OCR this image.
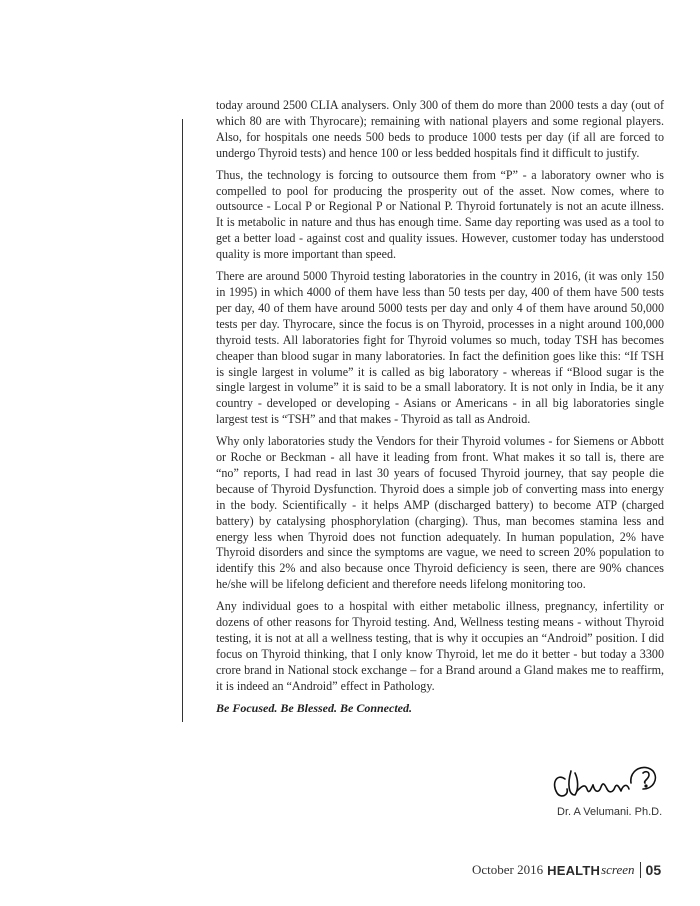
today around 2500 CLIA analysers. Only 300 of them do more than 2000 tests a day (out of which 80 are with Thyrocare); remaining with national players and some regional players. Also, for hospitals one needs 500 beds to produce 1000 tests per day (if all are forced to undergo Thyroid tests) and hence 100 or less bedded hospitals find it difficult to justify.

Thus, the technology is forcing to outsource them from “P” - a laboratory owner who is compelled to pool for producing the prosperity out of the asset. Now comes, where to outsource - Local P or Regional P or National P. Thyroid fortunately is not an acute illness. It is metabolic in nature and thus has enough time. Same day reporting was used as a tool to get a better load - against cost and quality issues. However, customer today has understood quality is more important than speed.

There are around 5000 Thyroid testing laboratories in the country in 2016, (it was only 150 in 1995) in which 4000 of them have less than 50 tests per day, 400 of them have 500 tests per day, 40 of them have around 5000 tests per day and only 4 of them have around 50,000 tests per day. Thyrocare, since the focus is on Thyroid, processes in a night around 100,000 thyroid tests. All laboratories fight for Thyroid volumes so much, today TSH has becomes cheaper than blood sugar in many laboratories. In fact the definition goes like this: “If TSH is single largest in volume” it is called as big laboratory - whereas if “Blood sugar is the single largest in volume” it is said to be a small laboratory. It is not only in India, be it any country - developed or developing - Asians or Americans - in all big laboratories single largest test is “TSH” and that makes - Thyroid as tall as Android.

Why only laboratories study the Vendors for their Thyroid volumes - for Siemens or Abbott or Roche or Beckman - all have it leading from front. What makes it so tall is, there are “no” reports, I had read in last 30 years of focused Thyroid journey, that say people die because of Thyroid Dysfunction. Thyroid does a simple job of converting mass into energy in the body. Scientifically - it helps AMP (discharged battery) to become ATP (charged battery) by catalysing phosphorylation (charging). Thus, man becomes stamina less and energy less when Thyroid does not function adequately. In human population, 2% have Thyroid disorders and since the symptoms are vague, we need to screen 20% population to identify this 2% and also because once Thyroid deficiency is seen, there are 90% chances he/she will be lifelong deficient and therefore needs lifelong monitoring too.

Any individual goes to a hospital with either metabolic illness, pregnancy, infertility or dozens of other reasons for Thyroid testing. And, Wellness testing means - without Thyroid testing, it is not at all a wellness testing, that is why it occupies an “Android” position. I did focus on Thyroid thinking, that I only know Thyroid, let me do it better - but today a 3300 crore brand in National stock exchange – for a Brand around a Gland makes me to reaffirm, it is indeed an “Android” effect in Pathology.

Be Focused. Be Blessed. Be Connected.
Dr. A Velumani. Ph.D.
October 2016 HEALTH screen 05
